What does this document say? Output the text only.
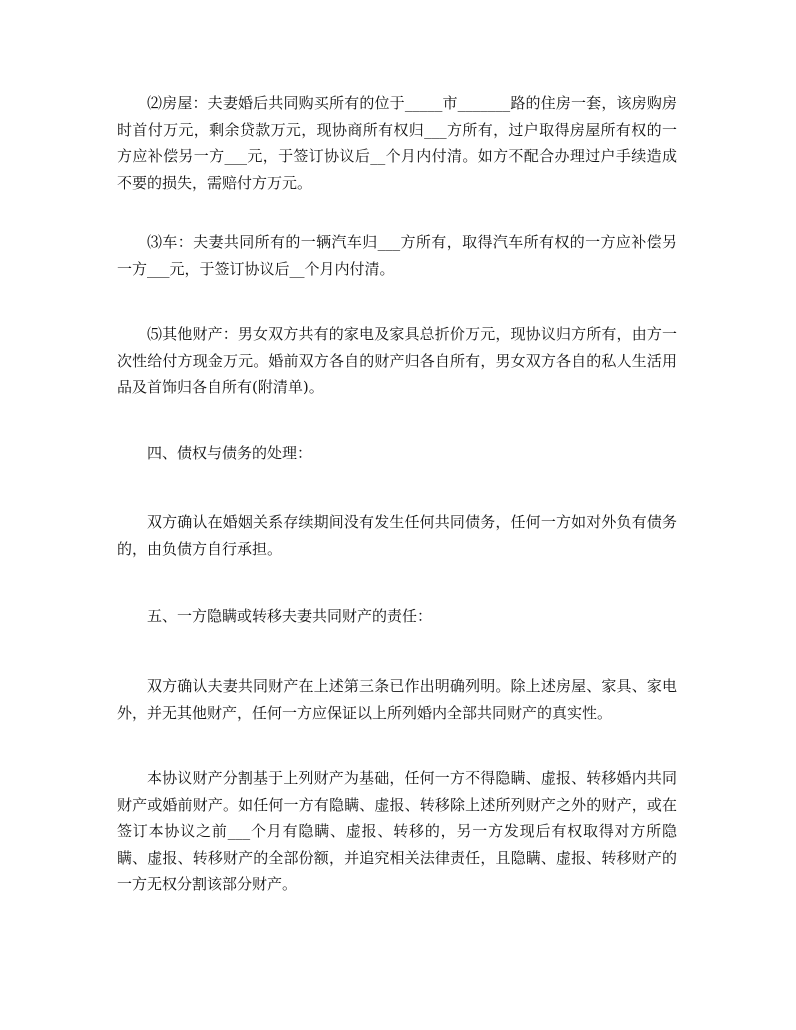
⑵房屋：夫妻婚后共同购买所有的位于_____市_______路的住房一套，该房购房时首付万元，剩余贷款万元，现协商所有权归___方所有，过户取得房屋所有权的一方应补偿另一方___元，于签订协议后__个月内付清。如方不配合办理过户手续造成不要的损失，需赔付方万元。

⑶车：夫妻共同所有的一辆汽车归___方所有，取得汽车所有权的一方应补偿另一方___元，于签订协议后__个月内付清。

⑸其他财产：男女双方共有的家电及家具总折价万元，现协议归方所有，由方一次性给付方现金万元。婚前双方各自的财产归各自所有，男女双方各自的私人生活用品及首饰归各自所有(附清单)。

四、债权与债务的处理：

双方确认在婚姻关系存续期间没有发生任何共同债务，任何一方如对外负有债务的，由负债方自行承担。

五、一方隐瞒或转移夫妻共同财产的责任：

双方确认夫妻共同财产在上述第三条已作出明确列明。除上述房屋、家具、家电外，并无其他财产，任何一方应保证以上所列婚内全部共同财产的真实性。

本协议财产分割基于上列财产为基础，任何一方不得隐瞒、虚报、转移婚内共同财产或婚前财产。如任何一方有隐瞒、虚报、转移除上述所列财产之外的财产，或在签订本协议之前___个月有隐瞒、虚报、转移的，另一方发现后有权取得对方所隐瞒、虚报、转移财产的全部份额，并追究相关法律责任，且隐瞒、虚报、转移财产的一方无权分割该部分财产。
